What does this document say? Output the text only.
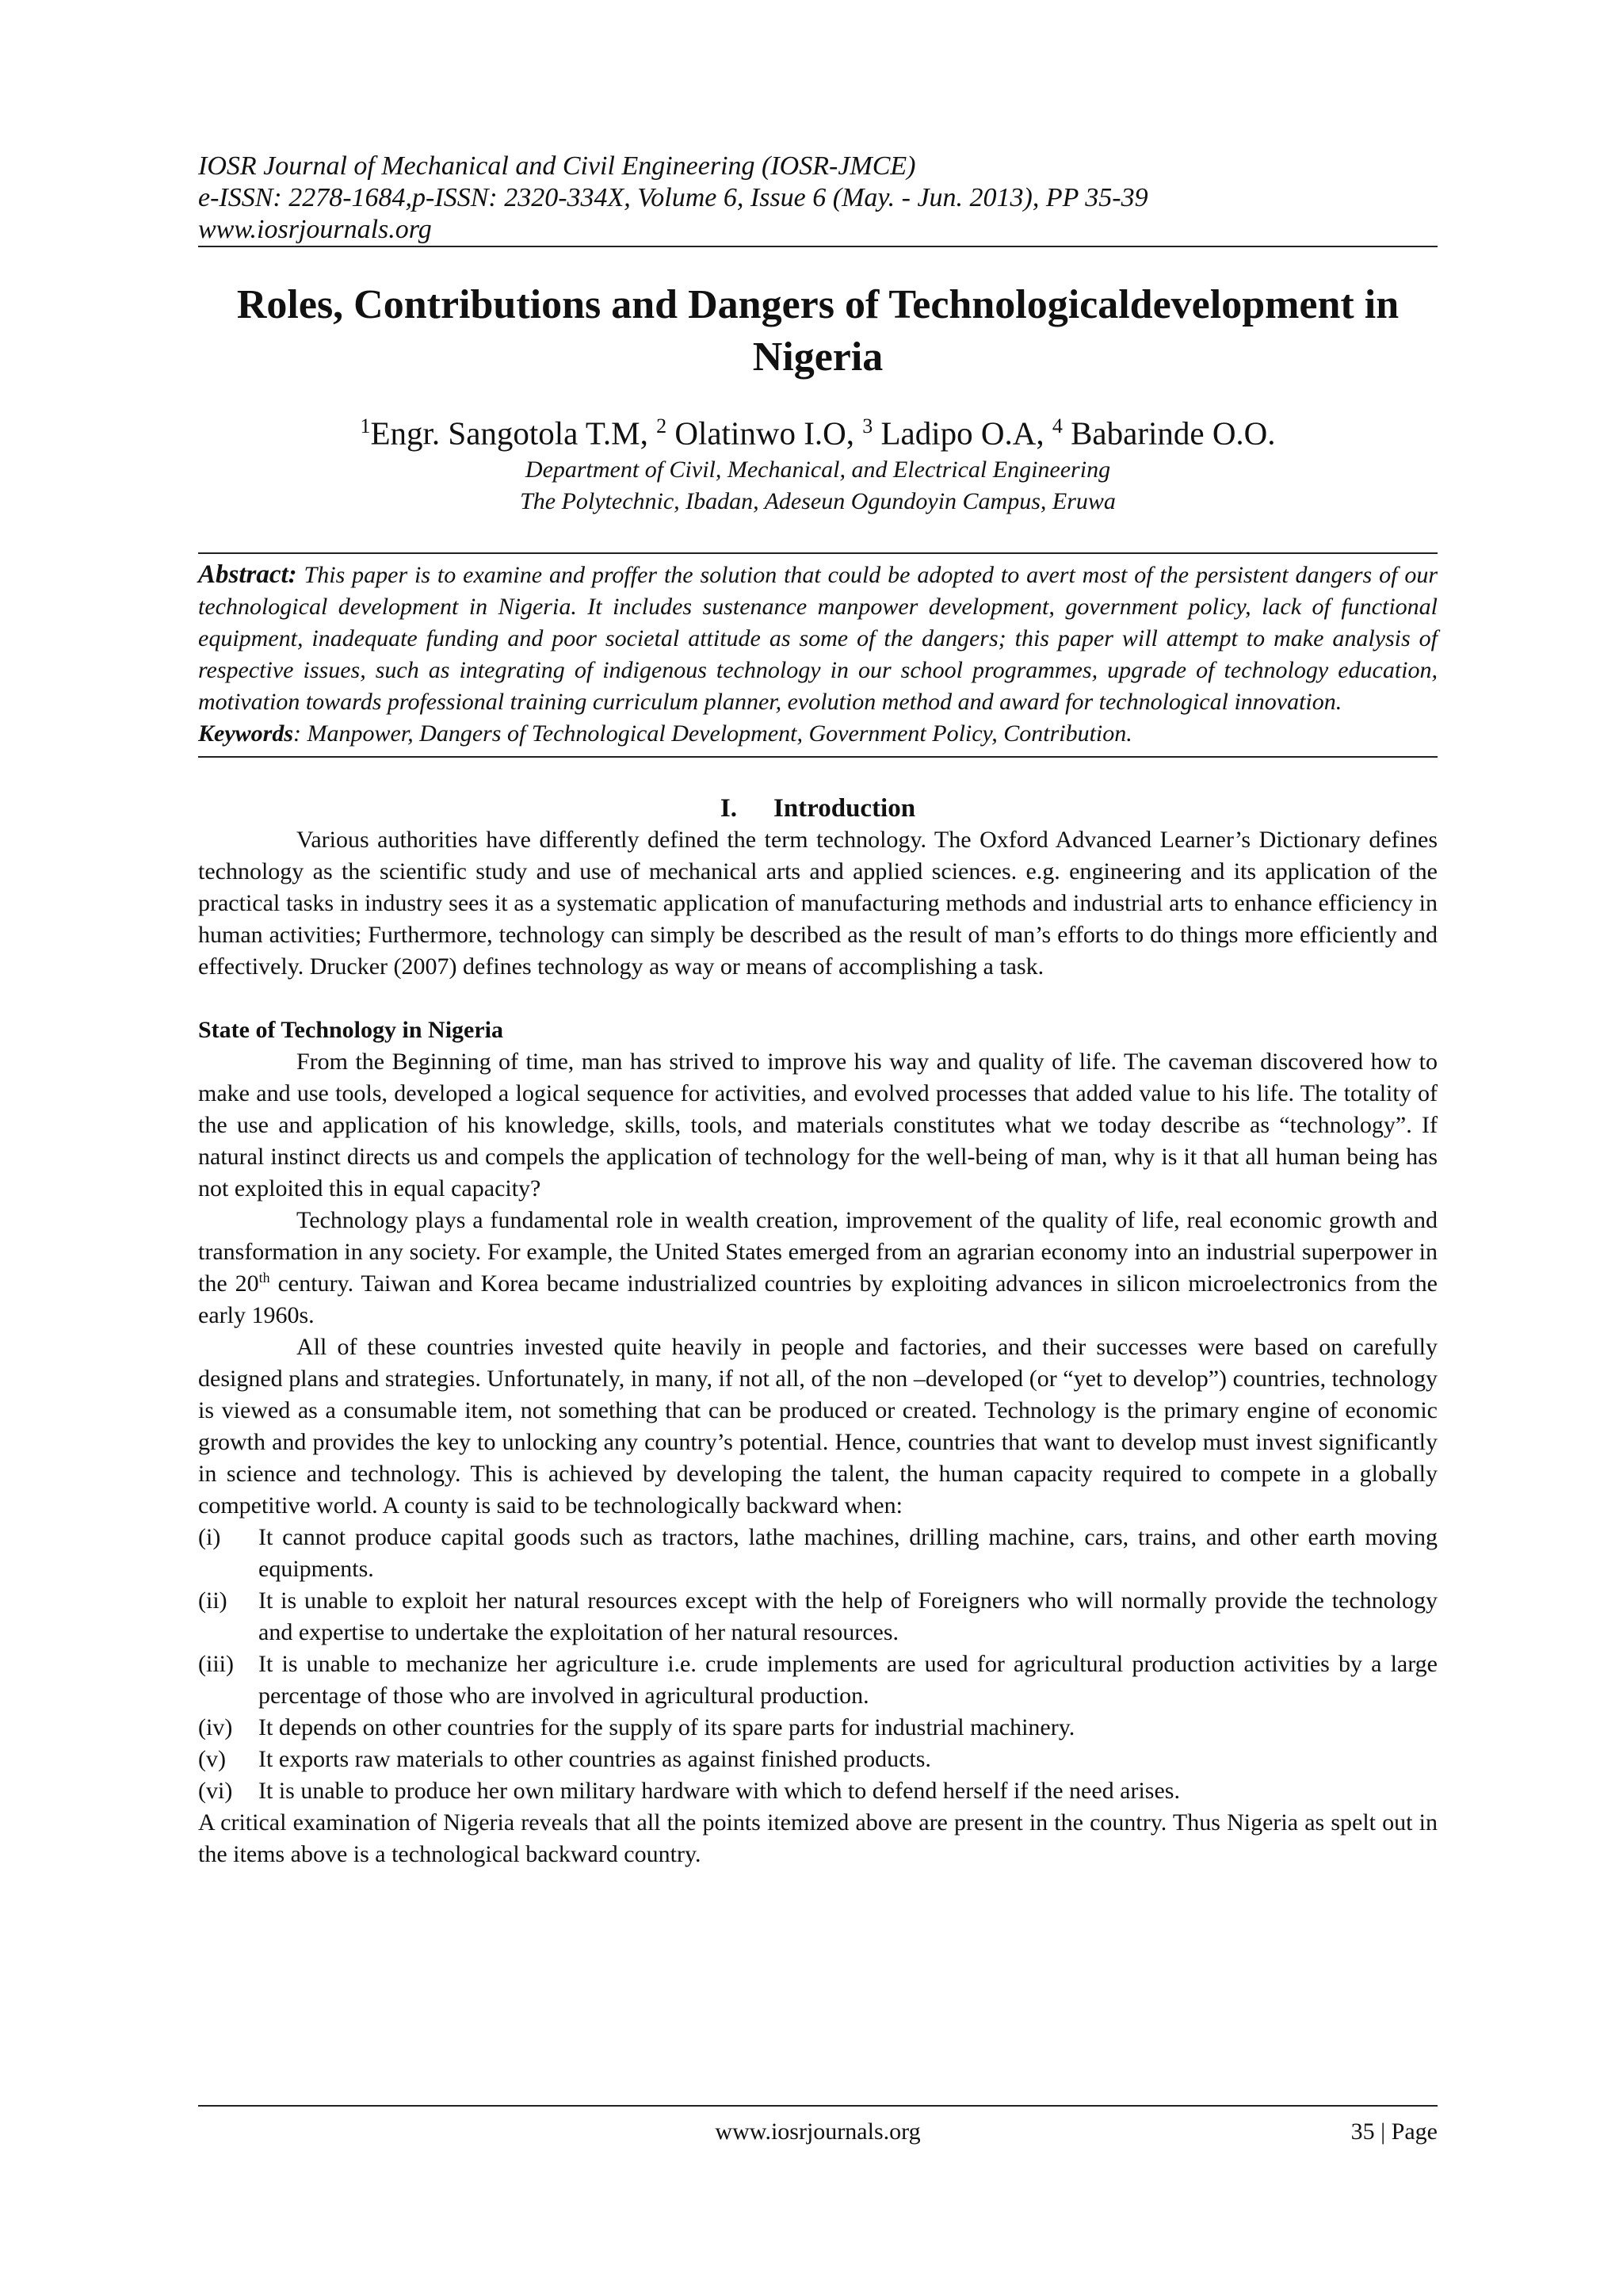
IOSR Journal of Mechanical and Civil Engineering (IOSR-JMCE)

e-ISSN: 2278-1684,p-ISSN: 2320-334X, Volume 6, Issue 6 (May. - Jun. 2013), PP 35-39

www.iosrjournals.org

Roles, Contributions and Dangers of Technologicaldevelopment in Nigeria
$^1$Engr. Sangotola T.M, $^2$ Olatinwo I.O, $^3$ Ladipo O.A, $^4$ Babarinde O.O.

Department of Civil, Mechanical, and Electrical Engineering

The Polytechnic, Ibadan, Adeseun Ogundoyin Campus, Eruwa

Abstract: This paper is to examine and proffer the solution that could be adopted to avert most of the persistent dangers of our technological development in Nigeria. It includes sustenance manpower development, government policy, lack of functional equipment, inadequate funding and poor societal attitude as some of the dangers; this paper will attempt to make analysis of respective issues, such as integrating of indigenous technology in our school programmes, upgrade of technology education, motivation towards professional training curriculum planner, evolution method and award for technological innovation.

Keywords: Manpower, Dangers of Technological Development, Government Policy, Contribution.

I. Introduction

Various authorities have differently defined the term technology. The Oxford Advanced Learner’s Dictionary defines technology as the scientific study and use of mechanical arts and applied sciences. e.g. engineering and its application of the practical tasks in industry sees it as a systematic application of manufacturing methods and industrial arts to enhance efficiency in human activities; Furthermore, technology can simply be described as the result of man’s efforts to do things more efficiently and effectively. Drucker (2007) defines technology as way or means of accomplishing a task.

State of Technology in Nigeria

From the Beginning of time, man has strived to improve his way and quality of life. The caveman discovered how to make and use tools, developed a logical sequence for activities, and evolved processes that added value to his life. The totality of the use and application of his knowledge, skills, tools, and materials constitutes what we today describe as “technology”. If natural instinct directs us and compels the application of technology for the well-being of man, why is it that all human being has not exploited this in equal capacity?

Technology plays a fundamental role in wealth creation, improvement of the quality of life, real economic growth and transformation in any society. For example, the United States emerged from an agrarian economy into an industrial superpower in the 20th century. Taiwan and Korea became industrialized countries by exploiting advances in silicon microelectronics from the early 1960s.

All of these countries invested quite heavily in people and factories, and their successes were based on carefully designed plans and strategies. Unfortunately, in many, if not all, of the non –developed (or “yet to develop”) countries, technology is viewed as a consumable item, not something that can be produced or created. Technology is the primary engine of economic growth and provides the key to unlocking any country’s potential. Hence, countries that want to develop must invest significantly in science and technology. This is achieved by developing the talent, the human capacity required to compete in a globally competitive world. A county is said to be technologically backward when:

(i) It cannot produce capital goods such as tractors, lathe machines, drilling machine, cars, trains, and other earth moving equipments.
(ii) It is unable to exploit her natural resources except with the help of Foreigners who will normally provide the technology and expertise to undertake the exploitation of her natural resources.
(iii) It is unable to mechanize her agriculture i.e. crude implements are used for agricultural production activities by a large percentage of those who are involved in agricultural production.
(iv) It depends on other countries for the supply of its spare parts for industrial machinery.
(v) It exports raw materials to other countries as against finished products.
(vi) It is unable to produce her own military hardware with which to defend herself if the need arises.

A critical examination of Nigeria reveals that all the points itemized above are present in the country. Thus Nigeria as spelt out in the items above is a technological backward country.

www.iosrjournals.org	35 | Page
